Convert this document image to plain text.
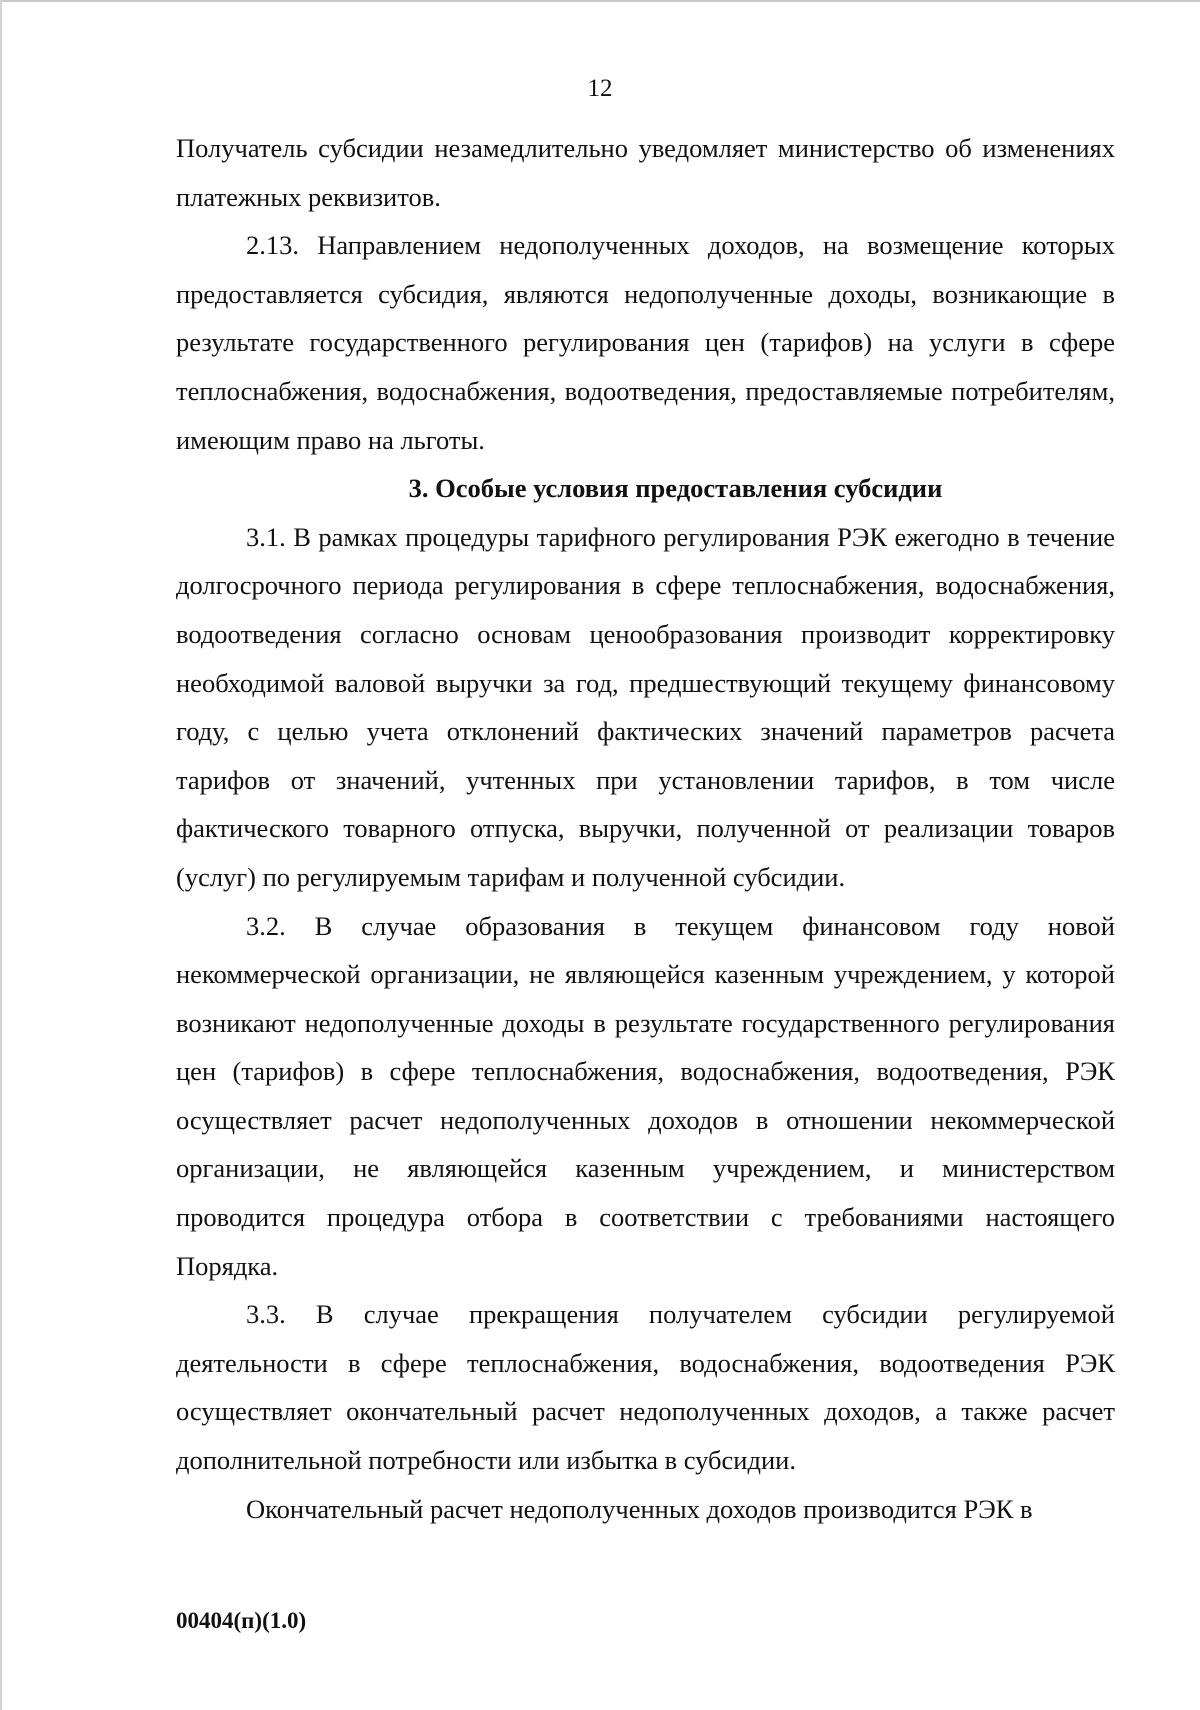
12

Получатель субсидии незамедлительно уведомляет министерство об изменениях платежных реквизитов.

2.13. Направлением недополученных доходов, на возмещение которых предоставляется субсидия, являются недополученные доходы, возникающие в результате государственного регулирования цен (тарифов) на услуги в сфере теплоснабжения, водоснабжения, водоотведения, предоставляемые потребителям, имеющим право на льготы.

3. Особые условия предоставления субсидии

3.1. В рамках процедуры тарифного регулирования РЭК ежегодно в течение долгосрочного периода регулирования в сфере теплоснабжения, водоснабжения, водоотведения согласно основам ценообразования производит корректировку необходимой валовой выручки за год, предшествующий текущему финансовому году, с целью учета отклонений фактических значений параметров расчета тарифов от значений, учтенных при установлении тарифов, в том числе фактического товарного отпуска, выручки, полученной от реализации товаров (услуг) по регулируемым тарифам и полученной субсидии.

3.2. В случае образования в текущем финансовом году новой некоммерческой организации, не являющейся казенным учреждением, у которой возникают недополученные доходы в результате государственного регулирования цен (тарифов) в сфере теплоснабжения, водоснабжения, водоотведения, РЭК осуществляет расчет недополученных доходов в отношении некоммерческой организации, не являющейся казенным учреждением, и министерством проводится процедура отбора в соответствии с требованиями настоящего Порядка.

3.3. В случае прекращения получателем субсидии регулируемой деятельности в сфере теплоснабжения, водоснабжения, водоотведения РЭК осуществляет окончательный расчет недополученных доходов, а также расчет дополнительной потребности или избытка в субсидии.

Окончательный расчет недополученных доходов производится РЭК в

00404(п)(1.0)
